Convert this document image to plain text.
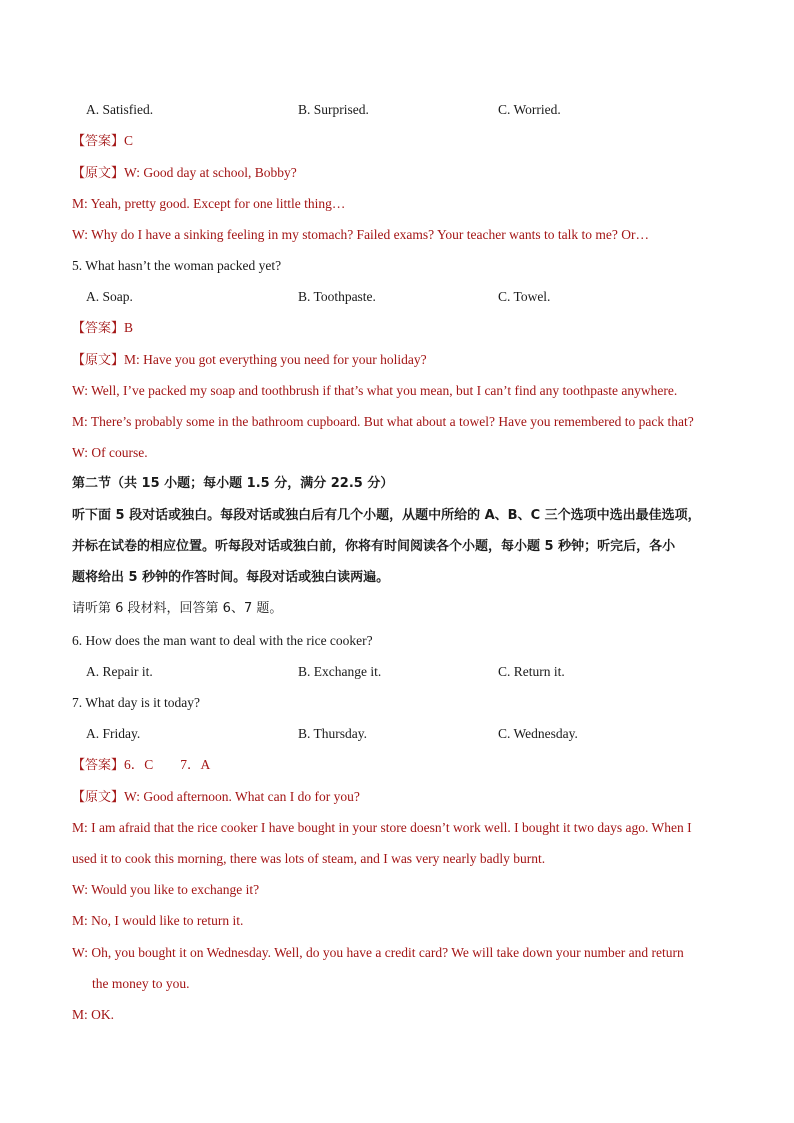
A. Satisfied.	B. Surprised.	C. Worried.
【答案】C
【原文】W: Good day at school, Bobby?
M: Yeah, pretty good. Except for one little thing…
W: Why do I have a sinking feeling in my stomach? Failed exams? Your teacher wants to talk to me? Or…
5. What hasn’t the woman packed yet?
A. Soap.	B. Toothpaste.	C. Towel.
【答案】B
【原文】M: Have you got everything you need for your holiday?
W: Well, I’ve packed my soap and toothbrush if that’s what you mean, but I can’t find any toothpaste anywhere.
M: There’s probably some in the bathroom cupboard. But what about a towel? Have you remembered to pack that?
W: Of course.
第二节（共 15 小题；每小题 1.5 分，满分 22.5 分）
听下面 5 段对话或独白。每段对话或独白后有几个小题，从题中所给的 A、B、C 三个选项中选出最佳选项，
并标在试卷的相应位置。听每段对话或独白前，你将有时间阅读各个小题，每小题 5 秒钟；听完后，各小
题将给出 5 秒钟的作答时间。每段对话或独白读两遍。
请听第 6 段材料，回答第 6、7 题。
6. How does the man want to deal with the rice cooker?
A. Repair it.	B. Exchange it.	C. Return it.
7. What day is it today?
A. Friday.	B. Thursday.	C. Wednesday.
【答案】6．C        7．A
【原文】W: Good afternoon. What can I do for you?
M: I am afraid that the rice cooker I have bought in your store doesn’t work well. I bought it two days ago. When I
used it to cook this morning, there was lots of steam, and I was very nearly badly burnt.
W: Would you like to exchange it?
M: No, I would like to return it.
W: Oh, you bought it on Wednesday. Well, do you have a credit card? We will take down your number and return
the money to you.
M: OK.
